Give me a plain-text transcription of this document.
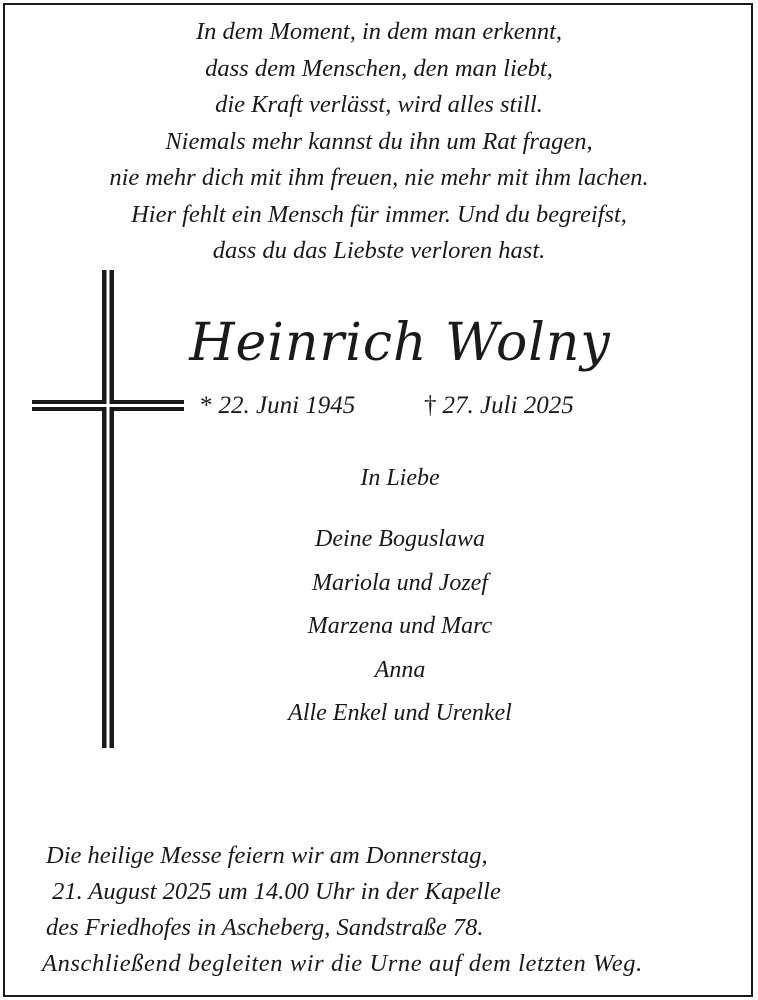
In dem Moment, in dem man erkennt,
dass dem Menschen, den man liebt,
die Kraft verlässt, wird alles still.
Niemals mehr kannst du ihn um Rat fragen,
nie mehr dich mit ihm freuen, nie mehr mit ihm lachen.
Hier fehlt ein Mensch für immer. Und du begreifst,
dass du das Liebste verloren hast.
Heinrich Wolny
* 22. Juni 1945	† 27. Juli 2025
In Liebe
Deine Boguslawa
Mariola und Jozef
Marzena und Marc
Anna
Alle Enkel und Urenkel
Die heilige Messe feiern wir am Donnerstag,
21. August 2025 um 14.00 Uhr in der Kapelle
des Friedhofes in Ascheberg, Sandstraße 78.
Anschließend begleiten wir die Urne auf dem letzten Weg.
